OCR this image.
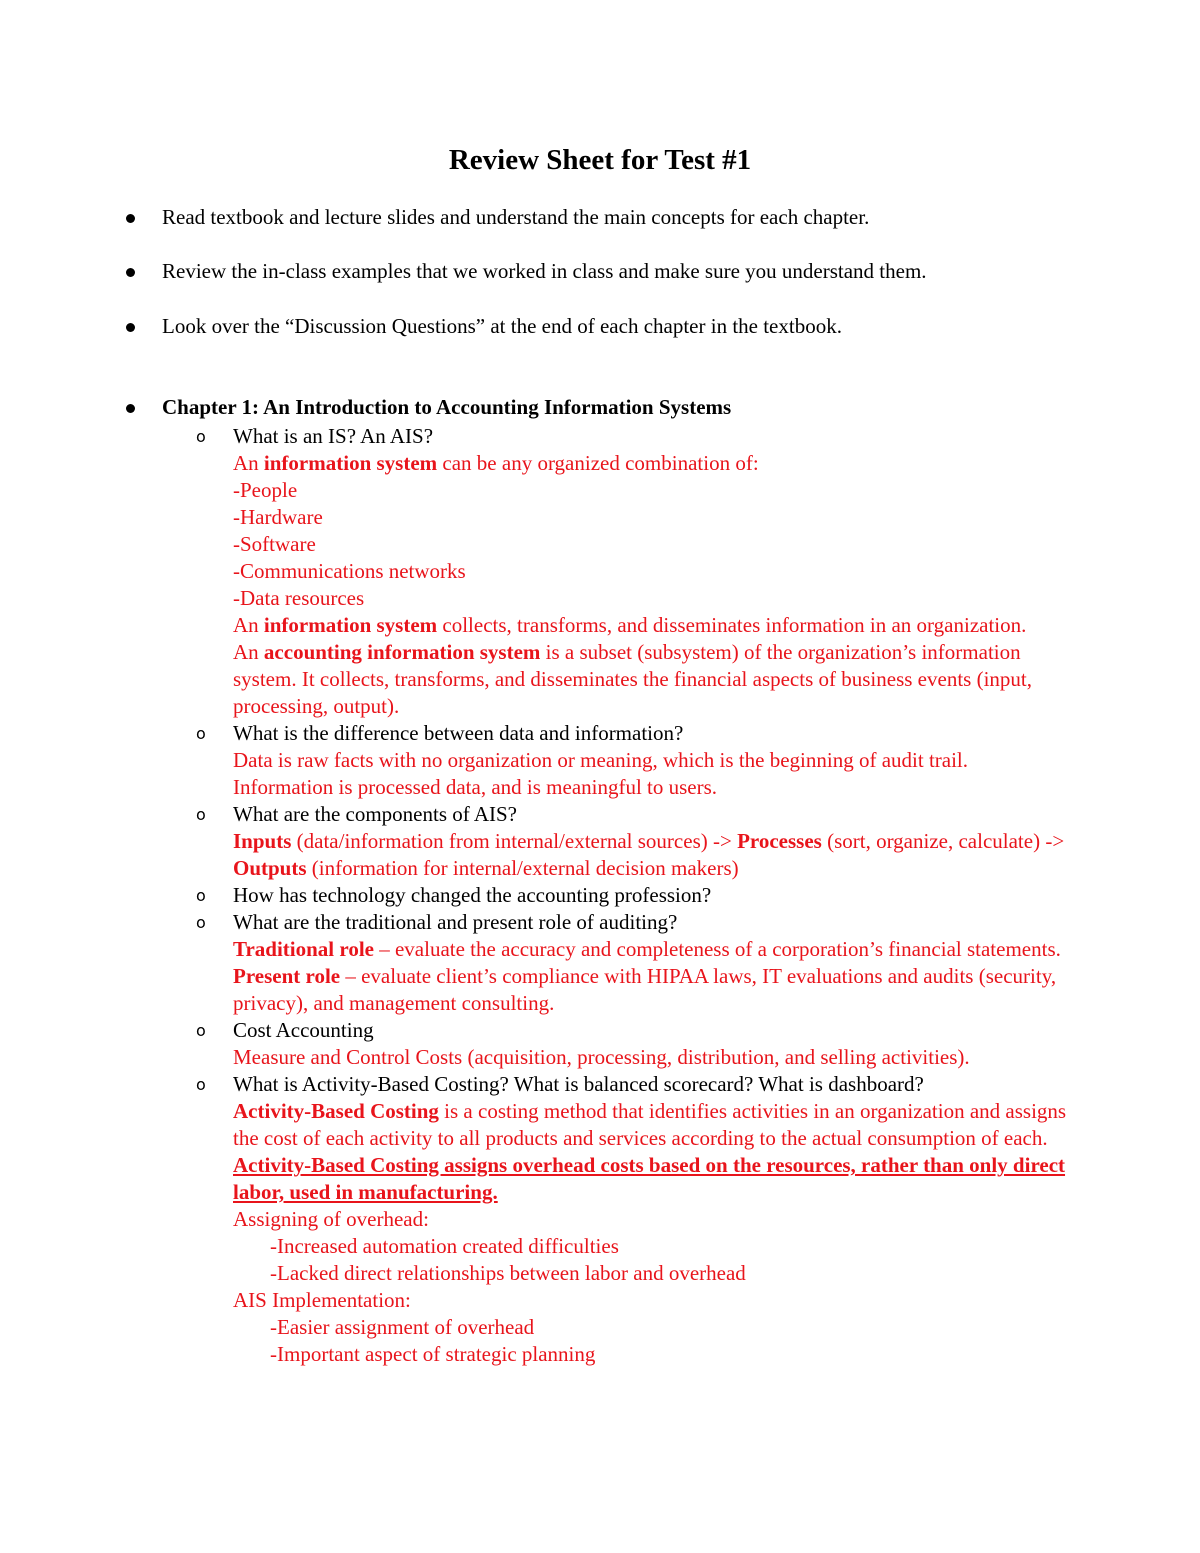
Review Sheet for Test #1
Read textbook and lecture slides and understand the main concepts for each chapter.
Review the in-class examples that we worked in class and make sure you understand them.
Look over the “Discussion Questions” at the end of each chapter in the textbook.
Chapter 1: An Introduction to Accounting Information Systems
o	What is an IS? An AIS?
An information system can be any organized combination of:
-People
-Hardware
-Software
-Communications networks
-Data resources
An information system collects, transforms, and disseminates information in an organization.
An accounting information system is a subset (subsystem) of the organization’s information system. It collects, transforms, and disseminates the financial aspects of business events (input, processing, output).
o	What is the difference between data and information?
Data is raw facts with no organization or meaning, which is the beginning of audit trail.
Information is processed data, and is meaningful to users.
o	What are the components of AIS?
Inputs (data/information from internal/external sources) -> Processes (sort, organize, calculate) -> Outputs (information for internal/external decision makers)
o	How has technology changed the accounting profession?
o	What are the traditional and present role of auditing?
Traditional role – evaluate the accuracy and completeness of a corporation’s financial statements.
Present role – evaluate client’s compliance with HIPAA laws, IT evaluations and audits (security, privacy), and management consulting.
o	Cost Accounting
Measure and Control Costs (acquisition, processing, distribution, and selling activities).
o	What is Activity-Based Costing? What is balanced scorecard? What is dashboard?
Activity-Based Costing is a costing method that identifies activities in an organization and assigns the cost of each activity to all products and services according to the actual consumption of each. Activity-Based Costing assigns overhead costs based on the resources, rather than only direct labor, used in manufacturing.
Assigning of overhead:
-Increased automation created difficulties
-Lacked direct relationships between labor and overhead
AIS Implementation:
-Easier assignment of overhead
-Important aspect of strategic planning
